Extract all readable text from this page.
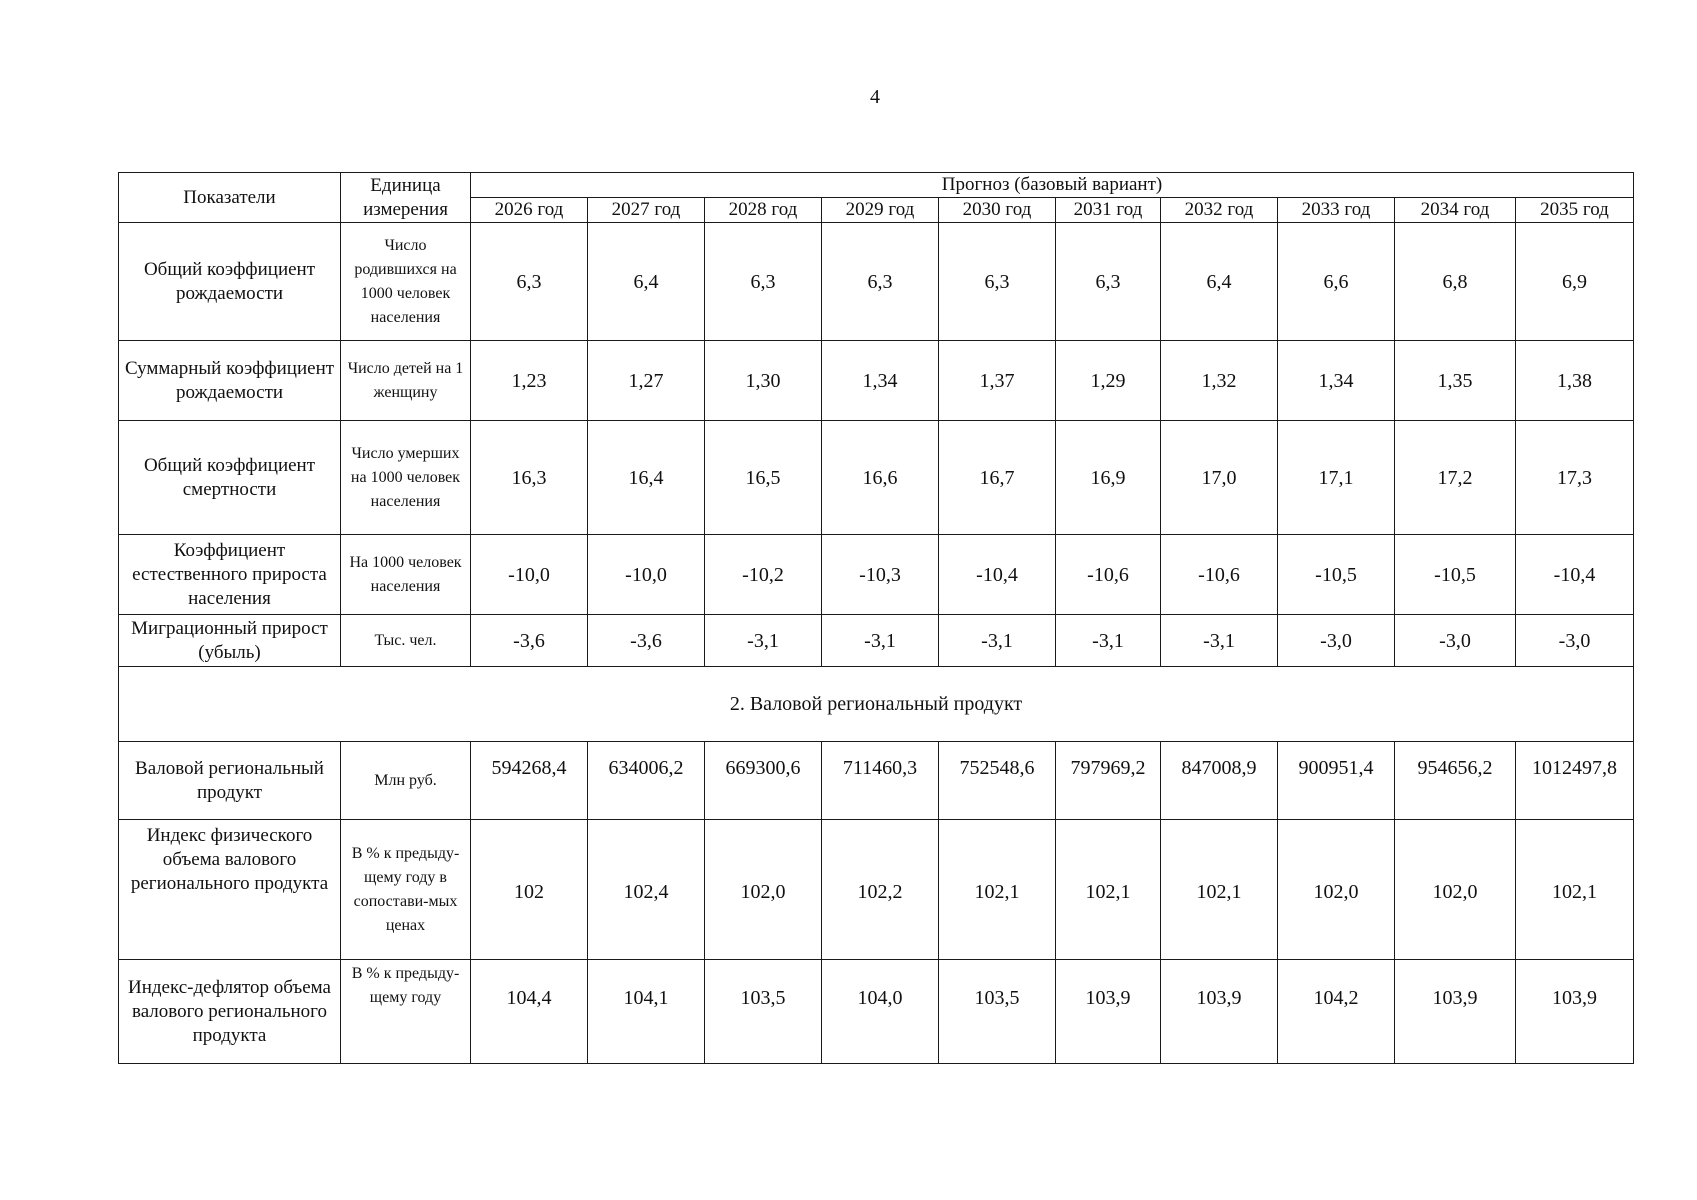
4
Показатели	Единица измерения	Прогноз (базовый вариант)									
		2026 год	2027 год	2028 год	2029 год	2030 год	2031 год	2032 год	2033 год	2034 год	2035 год
Общий коэффициент рождаемости	Число родившихся на 1000 человек населения	6,3	6,4	6,3	6,3	6,3	6,3	6,4	6,6	6,8	6,9
Суммарный коэффициент рождаемости	Число детей на 1 женщину	1,23	1,27	1,30	1,34	1,37	1,29	1,32	1,34	1,35	1,38
Общий коэффициент смертности	Число умерших на 1000 человек населения	16,3	16,4	16,5	16,6	16,7	16,9	17,0	17,1	17,2	17,3
Коэффициент естественного прироста населения	На 1000 человек населения	-10,0	-10,0	-10,2	-10,3	-10,4	-10,6	-10,6	-10,5	-10,5	-10,4
Миграционный прирост (убыль)	Тыс. чел.	-3,6	-3,6	-3,1	-3,1	-3,1	-3,1	-3,1	-3,0	-3,0	-3,0
2. Валовой региональный продукт											
Валовой региональный продукт	Млн руб.	594268,4	634006,2	669300,6	711460,3	752548,6	797969,2	847008,9	900951,4	954656,2	1012497,8
Индекс физического объема валового регионального продукта	В % к предыду-щему году в сопостави-мых ценах	102	102,4	102,0	102,2	102,1	102,1	102,1	102,0	102,0	102,1
Индекс-дефлятор объема валового регионального продукта	В % к предыду-щему году	104,4	104,1	103,5	104,0	103,5	103,9	103,9	104,2	103,9	103,9
